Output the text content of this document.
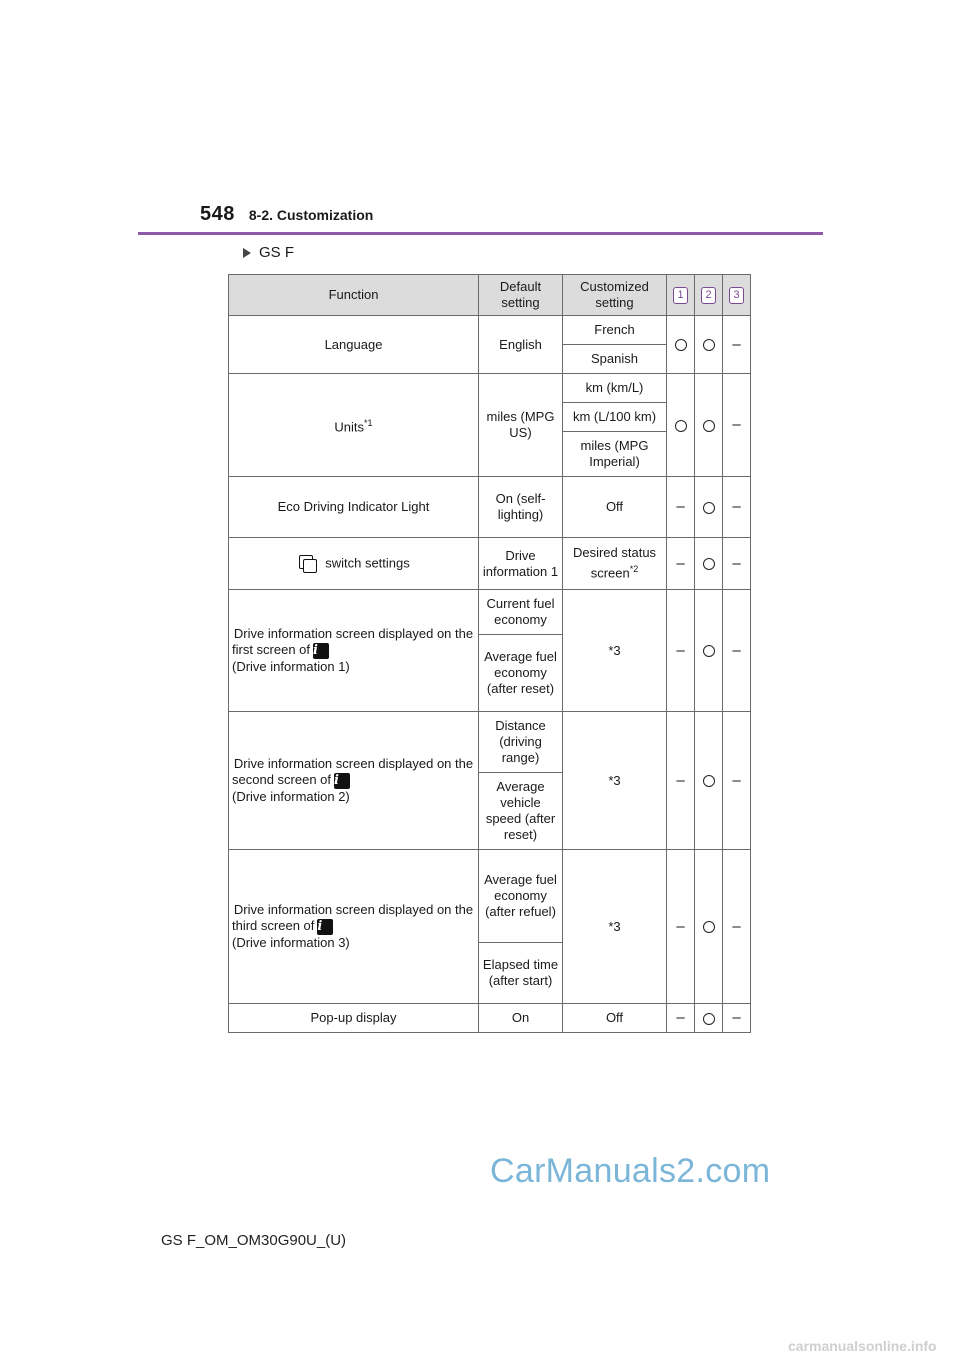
548 8-2. Customization
GS F
Function	Default setting	Customized setting	1	2	3
Language	English	French			–
		Spanish			
Units$^{*1}$	miles (MPG US)	km (km/L)			–
		km (L/100 km)			
		miles (MPG Imperial)			
Eco Driving Indicator Light	On (self-lighting)	Off	–		–

switch settings	Drive information 1	Desired status screen$^{*2}$	–		–
Drive information screen displayed on the first screen of i
(Drive information 1)	Current fuel economy	*3	–		–
	Average fuel economy (after reset)				
Drive information screen displayed on the second screen of i
(Drive information 2)	Distance (driving range)	*3	–		–
	Average vehicle speed (after reset)				
Drive information screen displayed on the third screen of i
(Drive information 3)	Average fuel economy (after refuel)	*3	–		–
	Elapsed time (after start)				
Pop-up display	On	Off	–		–
CarManuals2.com
GS F_OM_OM30G90U_(U)
carmanualsonline.info
